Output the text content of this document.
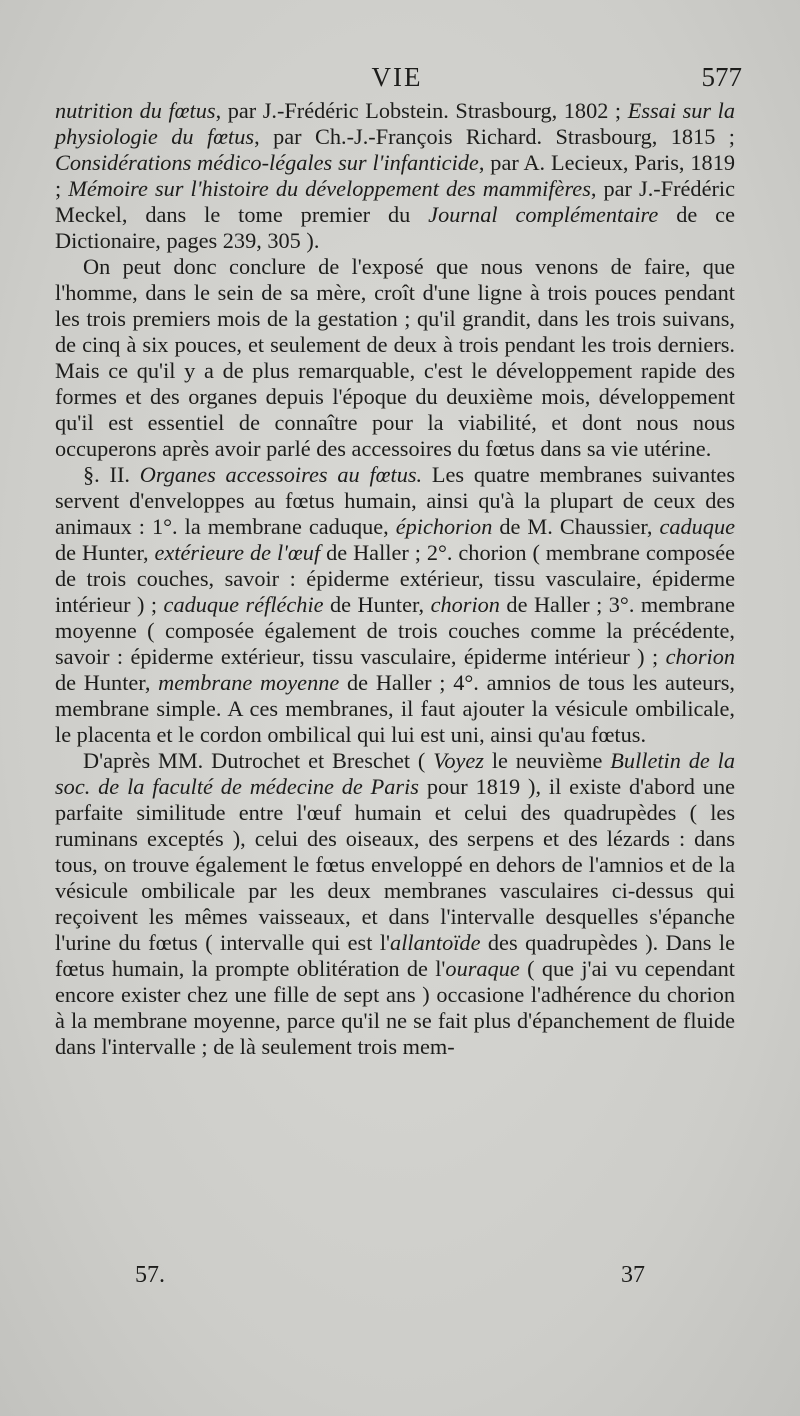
VIE	577

nutrition du fœtus, par J.-Frédéric Lobstein. Strasbourg, 1802 ; Essai sur la physiologie du fœtus, par Ch.-J.-François Richard. Strasbourg, 1815 ; Considérations médico-légales sur l'infanticide, par A. Lecieux, Paris, 1819 ; Mémoire sur l'histoire du développement des mammifères, par J.-Frédéric Meckel, dans le tome premier du Journal complémentaire de ce Dictionaire, pages 239, 305 ).

On peut donc conclure de l'exposé que nous venons de faire, que l'homme, dans le sein de sa mère, croît d'une ligne à trois pouces pendant les trois premiers mois de la gestation ; qu'il grandit, dans les trois suivans, de cinq à six pouces, et seulement de deux à trois pendant les trois derniers. Mais ce qu'il y a de plus remarquable, c'est le développement rapide des formes et des organes depuis l'époque du deuxième mois, développement qu'il est essentiel de connaître pour la viabilité, et dont nous nous occuperons après avoir parlé des accessoires du fœtus dans sa vie utérine.

§. II. Organes accessoires au fœtus. Les quatre membranes suivantes servent d'enveloppes au fœtus humain, ainsi qu'à la plupart de ceux des animaux : 1°. la membrane caduque, épichorion de M. Chaussier, caduque de Hunter, extérieure de l'œuf de Haller ; 2°. chorion ( membrane composée de trois couches, savoir : épiderme extérieur, tissu vasculaire, épiderme intérieur ) ; caduque réfléchie de Hunter, chorion de Haller ; 3°. membrane moyenne ( composée également de trois couches comme la précédente, savoir : épiderme extérieur, tissu vasculaire, épiderme intérieur ) ; chorion de Hunter, membrane moyenne de Haller ; 4°. amnios de tous les auteurs, membrane simple. A ces membranes, il faut ajouter la vésicule ombilicale, le placenta et le cordon ombilical qui lui est uni, ainsi qu'au fœtus.

D'après MM. Dutrochet et Breschet ( Voyez le neuvième Bulletin de la soc. de la faculté de médecine de Paris pour 1819 ), il existe d'abord une parfaite similitude entre l'œuf humain et celui des quadrupèdes ( les ruminans exceptés ), celui des oiseaux, des serpens et des lézards : dans tous, on trouve également le fœtus enveloppé en dehors de l'amnios et de la vésicule ombilicale par les deux membranes vasculaires ci-dessus qui reçoivent les mêmes vaisseaux, et dans l'intervalle desquelles s'épanche l'urine du fœtus ( intervalle qui est l'allantoïde des quadrupèdes ). Dans le fœtus humain, la prompte oblitération de l'ouraque ( que j'ai vu cependant encore exister chez une fille de sept ans ) occasione l'adhérence du chorion à la membrane moyenne, parce qu'il ne se fait plus d'épanchement de fluide dans l'intervalle ; de là seulement trois mem-

57.	37
